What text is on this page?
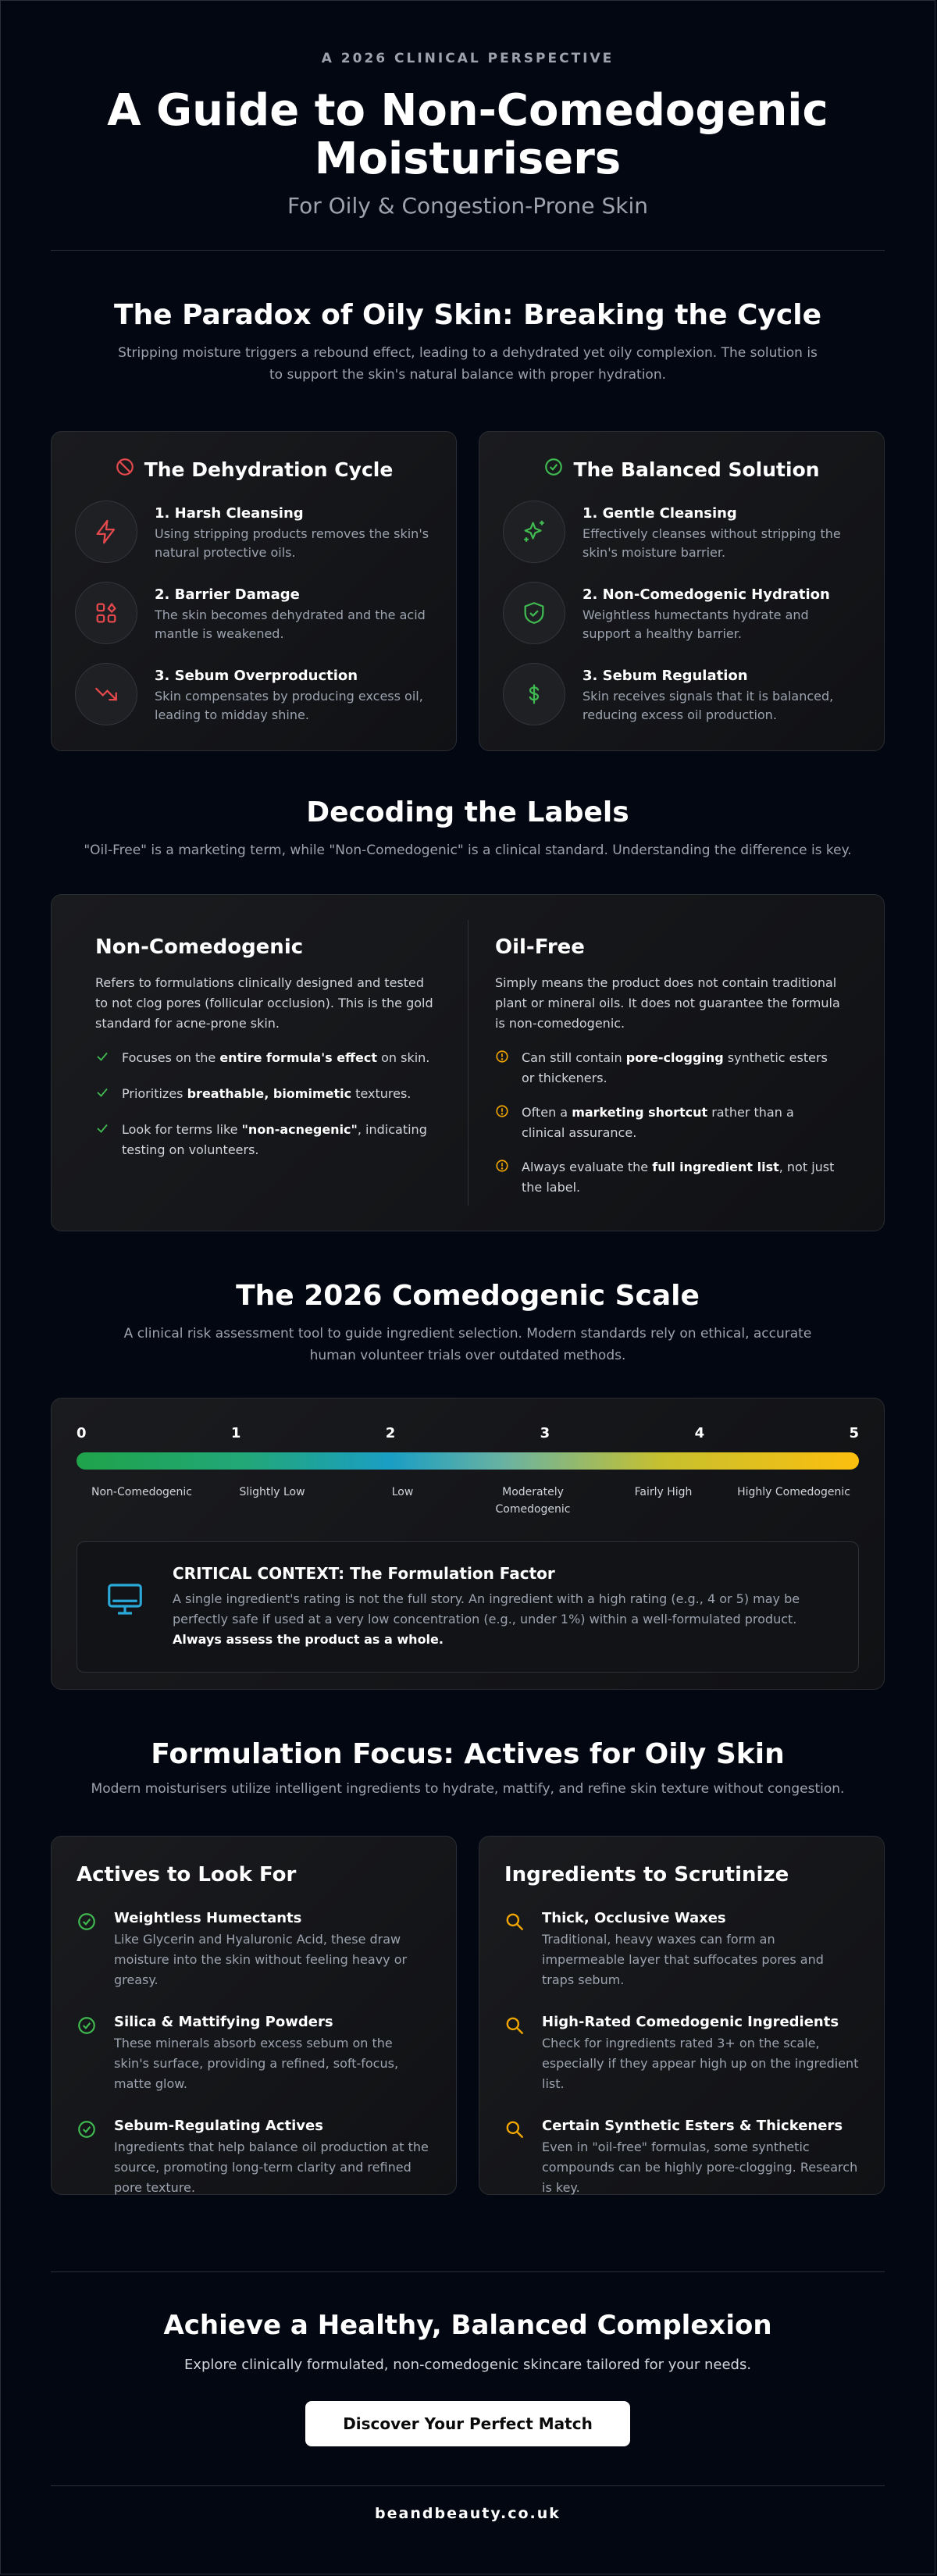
A 2026 CLINICAL PERSPECTIVE
A Guide to Non-Comedogenic Moisturisers
For Oily & Congestion-Prone Skin
The Paradox of Oily Skin: Breaking the Cycle
Stripping moisture triggers a rebound effect, leading to a dehydrated yet oily complexion. The solution is to support the skin's natural balance with proper hydration.
The Dehydration Cycle
1. Harsh Cleansing
Using stripping products removes the skin's natural protective oils.
2. Barrier Damage
The skin becomes dehydrated and the acid mantle is weakened.
3. Sebum Overproduction
Skin compensates by producing excess oil, leading to midday shine.
The Balanced Solution
1. Gentle Cleansing
Effectively cleanses without stripping the skin's moisture barrier.
2. Non-Comedogenic Hydration
Weightless humectants hydrate and support a healthy barrier.
3. Sebum Regulation
Skin receives signals that it is balanced, reducing excess oil production.
Decoding the Labels
"Oil-Free" is a marketing term, while "Non-Comedogenic" is a clinical standard. Understanding the difference is key.
Non-Comedogenic
Refers to formulations clinically designed and tested to not clog pores (follicular occlusion). This is the gold standard for acne-prone skin.
Focuses on the entire formula's effect on skin.
Prioritizes breathable, biomimetic textures.
Look for terms like "non-acnegenic", indicating testing on volunteers.
Oil-Free
Simply means the product does not contain traditional plant or mineral oils. It does not guarantee the formula is non-comedogenic.
Can still contain pore-clogging synthetic esters or thickeners.
Often a marketing shortcut rather than a clinical assurance.
Always evaluate the full ingredient list, not just the label.
The 2026 Comedogenic Scale
A clinical risk assessment tool to guide ingredient selection. Modern standards rely on ethical, accurate human volunteer trials over outdated methods.
0	1	2	3	4	5
Non-Comedogenic	Slightly Low	Low	Moderately Comedogenic
Fairly High	Highly Comedogenic
CRITICAL CONTEXT: The Formulation Factor
A single ingredient's rating is not the full story. An ingredient with a high rating (e.g., 4 or 5) may be perfectly safe if used at a very low concentration (e.g., under 1%) within a well-formulated product.
Always assess the product as a whole.
Formulation Focus: Actives for Oily Skin
Modern moisturisers utilize intelligent ingredients to hydrate, mattify, and refine skin texture without congestion.
Actives to Look For
Weightless Humectants
Like Glycerin and Hyaluronic Acid, these draw moisture into the skin without feeling heavy or greasy.
Silica & Mattifying Powders
These minerals absorb excess sebum on the skin's surface, providing a refined, soft-focus, matte glow.
Sebum-Regulating Actives
Ingredients that help balance oil production at the source, promoting long-term clarity and refined pore texture.
Ingredients to Scrutinize
Thick, Occlusive Waxes
Traditional, heavy waxes can form an impermeable layer that suffocates pores and traps sebum.
High-Rated Comedogenic Ingredients
Check for ingredients rated 3+ on the scale, especially if they appear high up on the ingredient list.
Certain Synthetic Esters & Thickeners
Even in "oil-free" formulas, some synthetic compounds can be highly pore-clogging. Research is key.
Achieve a Healthy, Balanced Complexion
Explore clinically formulated, non-comedogenic skincare tailored for your needs.
Discover Your Perfect Match
beandbeauty.co.uk
